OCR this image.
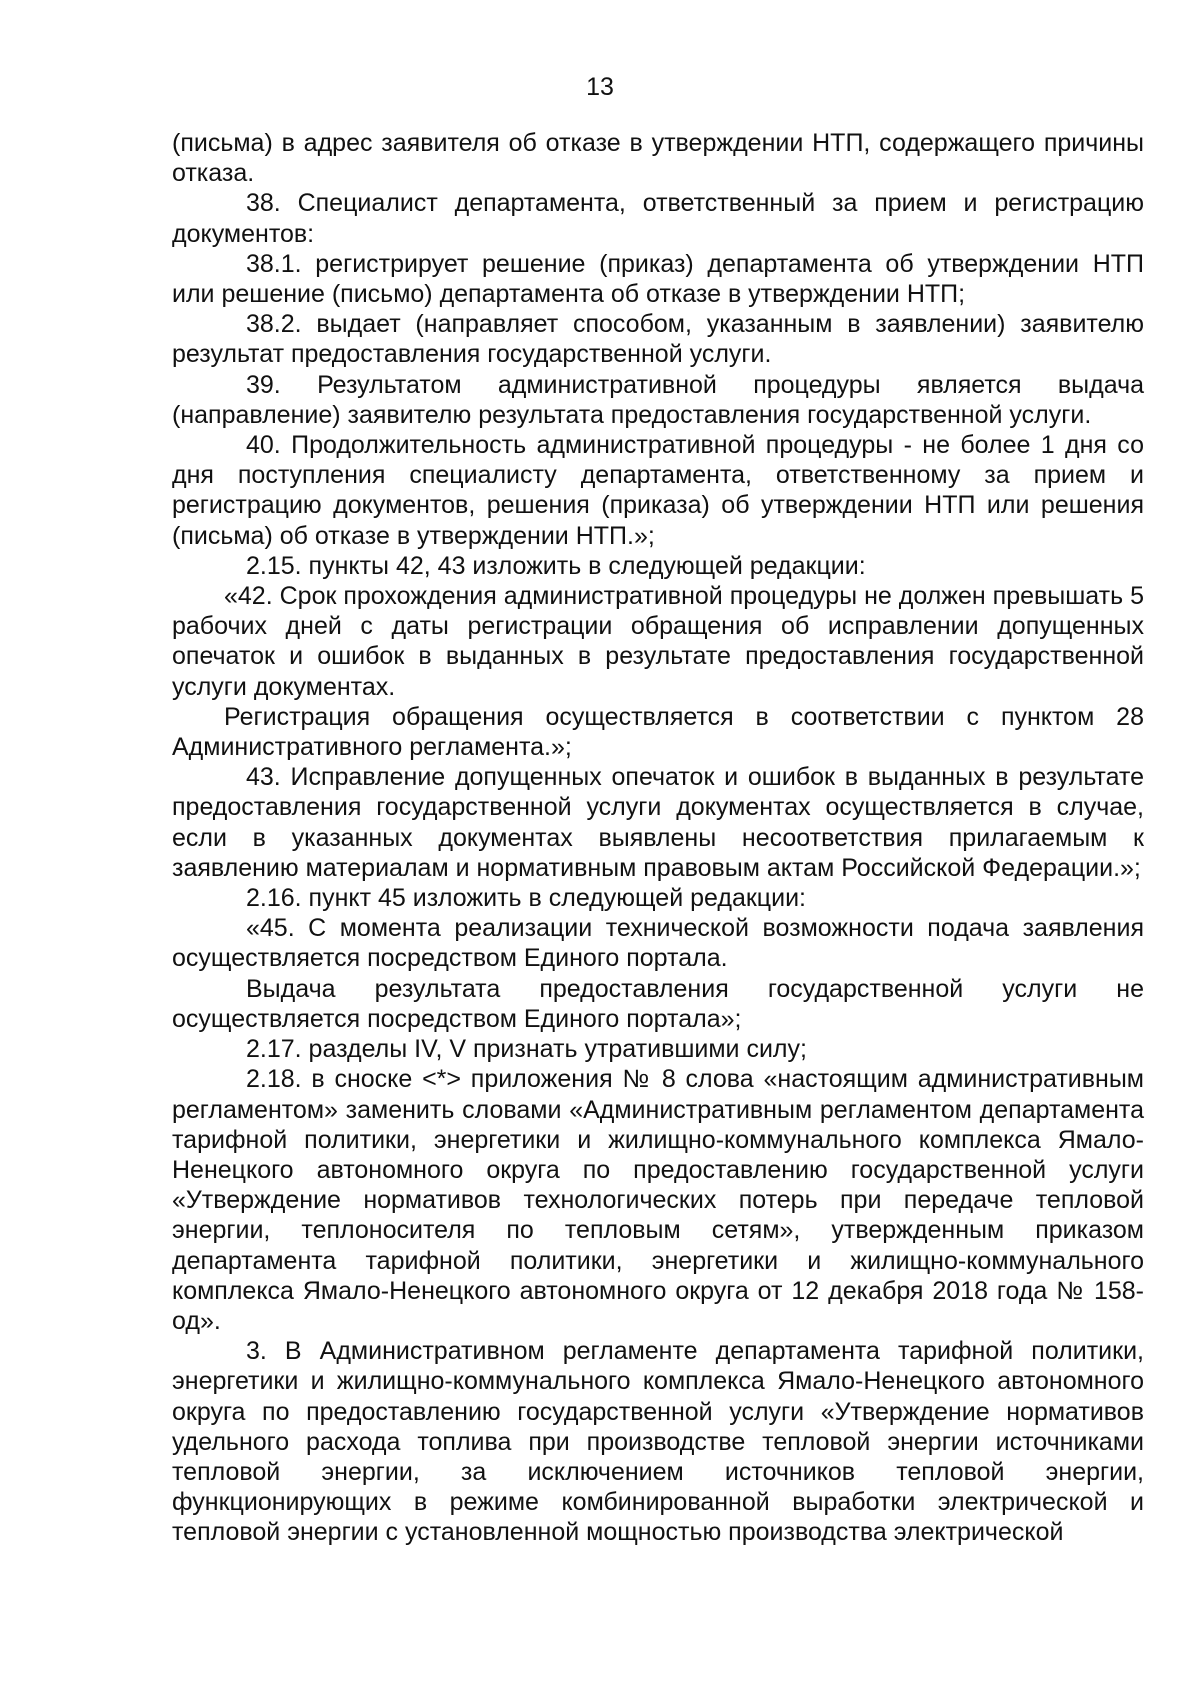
13

(письма) в адрес заявителя об отказе в утверждении НТП, содержащего причины отказа.

38. Специалист департамента, ответственный за прием и регистрацию документов:

38.1. регистрирует решение (приказ) департамента об утверждении НТП или решение (письмо) департамента об отказе в утверждении НТП;

38.2. выдает (направляет способом, указанным в заявлении) заявителю результат предоставления государственной услуги.

39. Результатом административной процедуры является выдача (направление) заявителю результата предоставления государственной услуги.

40. Продолжительность административной процедуры - не более 1 дня со дня поступления специалисту департамента, ответственному за прием и регистрацию документов, решения (приказа) об утверждении НТП или решения (письма) об отказе в утверждении НТП.»;

2.15. пункты 42, 43 изложить в следующей редакции:

«42. Срок прохождения административной процедуры не должен превышать 5 рабочих дней с даты регистрации обращения об исправлении допущенных опечаток и ошибок в выданных в результате предоставления государственной услуги документах.

Регистрация обращения осуществляется в соответствии с пунктом 28 Административного регламента.»;

43. Исправление допущенных опечаток и ошибок в выданных в результате предоставления государственной услуги документах осуществляется в случае, если в указанных документах выявлены несоответствия прилагаемым к заявлению материалам и нормативным правовым актам Российской Федерации.»;

2.16. пункт 45 изложить в следующей редакции:

«45. С момента реализации технической возможности подача заявления осуществляется посредством Единого портала.

Выдача результата предоставления государственной услуги не осуществляется посредством Единого портала»;

2.17. разделы IV, V признать утратившими силу;

2.18. в сноске <*> приложения № 8 слова «настоящим административным регламентом» заменить словами «Административным регламентом департамента тарифной политики, энергетики и жилищно-коммунального комплекса Ямало-Ненецкого автономного округа по предоставлению государственной услуги «Утверждение нормативов технологических потерь при передаче тепловой энергии, теплоносителя по тепловым сетям», утвержденным приказом департамента тарифной политики, энергетики и жилищно-коммунального комплекса Ямало-Ненецкого автономного округа от 12 декабря 2018 года № 158-од».

3. В Административном регламенте департамента тарифной политики, энергетики и жилищно-коммунального комплекса Ямало-Ненецкого автономного округа по предоставлению государственной услуги «Утверждение нормативов удельного расхода топлива при производстве тепловой энергии источниками тепловой энергии, за исключением источников тепловой энергии, функционирующих в режиме комбинированной выработки электрической и тепловой энергии с установленной мощностью производства электрической
